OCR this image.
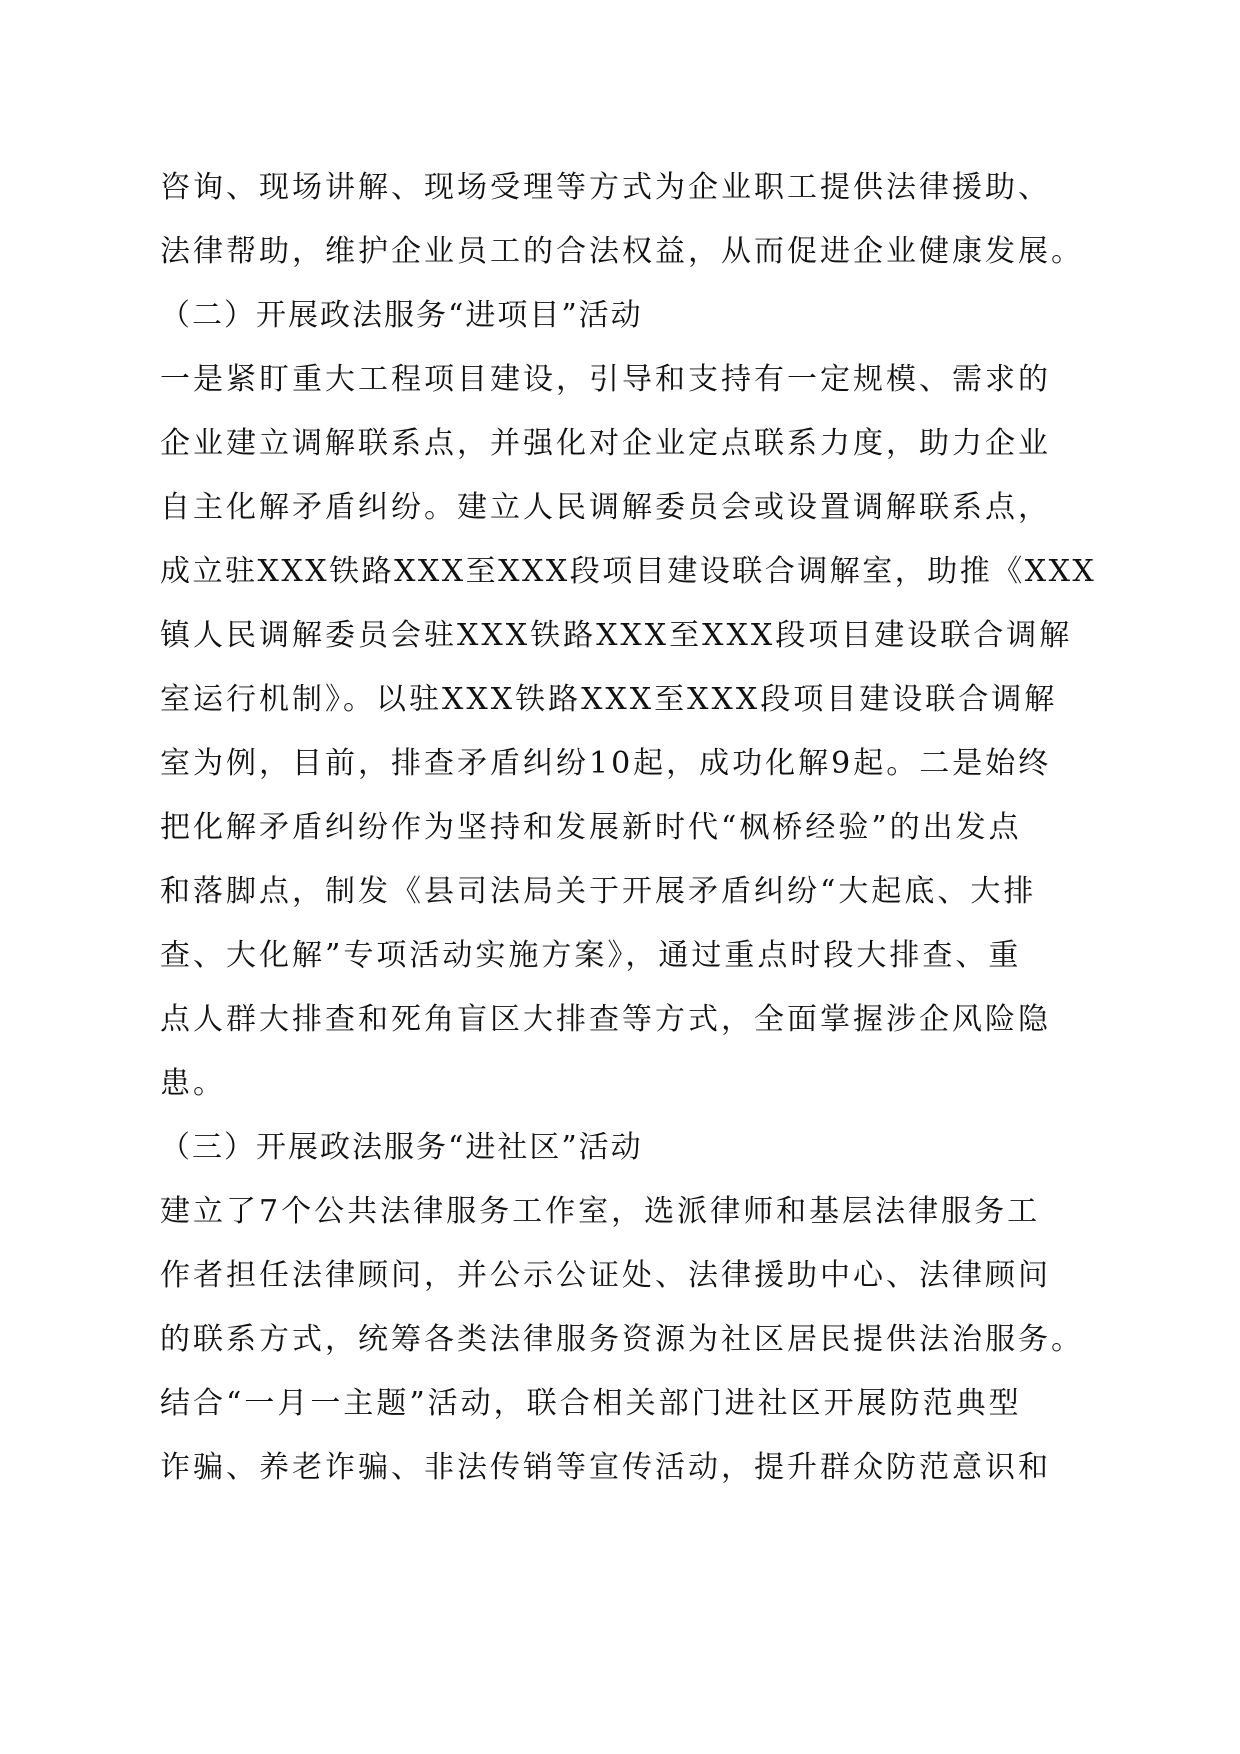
咨询、现场讲解、现场受理等方式为企业职工提供法律援助、
法律帮助，维护企业员工的合法权益，从而促进企业健康发展。
（二）开展政法服务“进项目”活动
一是紧盯重大工程项目建设，引导和支持有一定规模、需求的
企业建立调解联系点，并强化对企业定点联系力度，助力企业
自主化解矛盾纠纷。建立人民调解委员会或设置调解联系点，
成立驻XXX铁路XXX至XXX段项目建设联合调解室，助推《XXX
镇人民调解委员会驻XXX铁路XXX至XXX段项目建设联合调解
室运行机制》。以驻XXX铁路XXX至XXX段项目建设联合调解
室为例，目前，排查矛盾纠纷10起，成功化解9起。二是始终
把化解矛盾纠纷作为坚持和发展新时代“枫桥经验”的出发点
和落脚点，制发《县司法局关于开展矛盾纠纷“大起底、大排
查、大化解”专项活动实施方案》，通过重点时段大排查、重
点人群大排查和死角盲区大排查等方式，全面掌握涉企风险隐
患。
（三）开展政法服务“进社区”活动
建立了7个公共法律服务工作室，选派律师和基层法律服务工
作者担任法律顾问，并公示公证处、法律援助中心、法律顾问
的联系方式，统筹各类法律服务资源为社区居民提供法治服务。
结合“一月一主题”活动，联合相关部门进社区开展防范典型
诈骗、养老诈骗、非法传销等宣传活动，提升群众防范意识和
